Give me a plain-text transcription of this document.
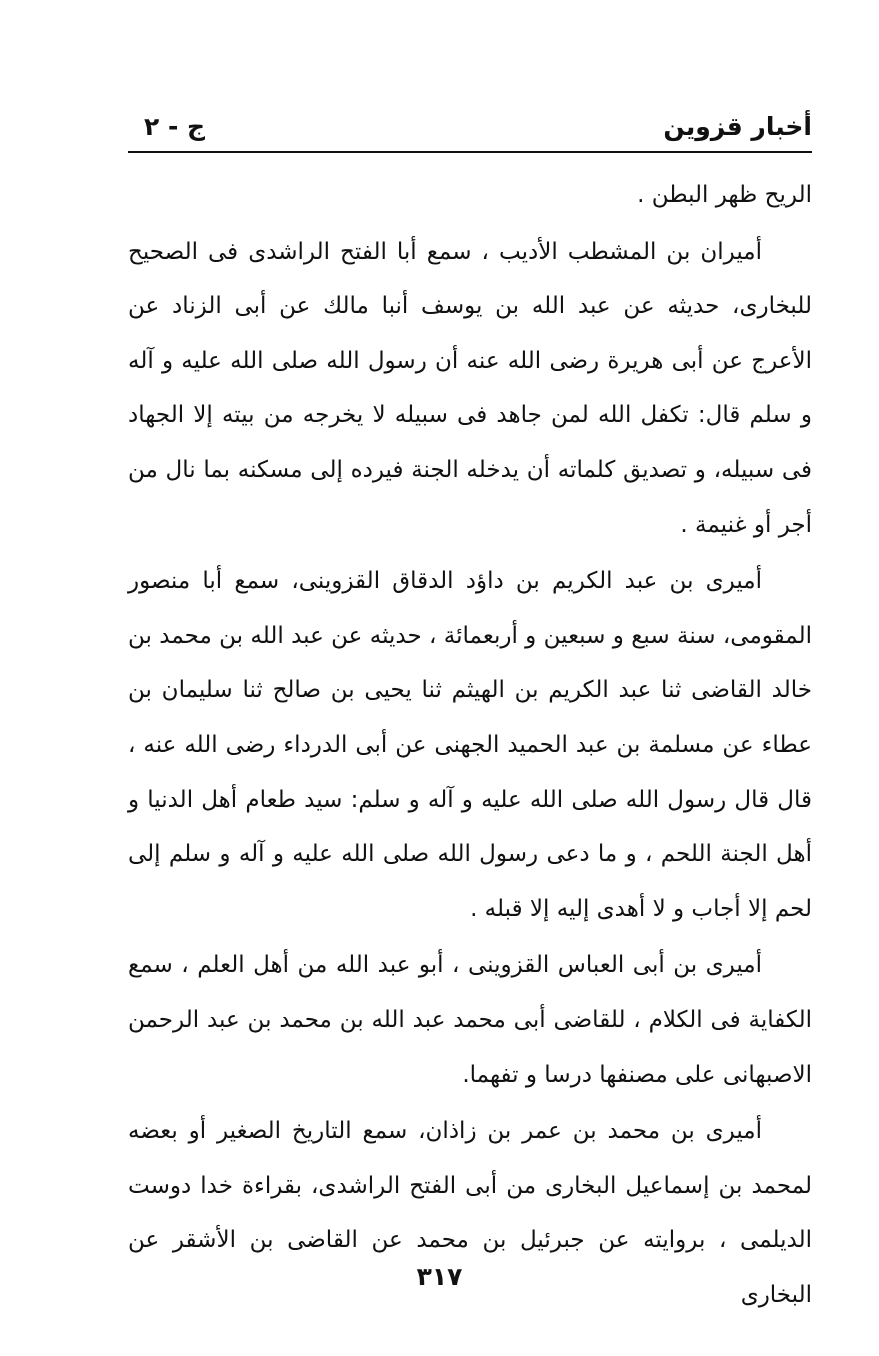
أخبار قزوين
ج - ٢

الريح ظهر البطن .

أميران بن المشطب الأديب ، سمع أبا الفتح الراشدى فى الصحيح للبخارى، حديثه عن عبد الله بن يوسف أنبا مالك عن أبى الزناد عن الأعرج عن أبى هريرة رضى الله عنه أن رسول الله صلى الله عليه و آله و سلم قال: تكفل الله لمن جاهد فى سبيله لا يخرجه من بيته إلا الجهاد فى سبيله، و تصديق كلماته أن يدخله الجنة فيرده إلى مسكنه بما نال من أجر أو غنيمة .

أميرى بن عبد الكريم بن داؤد الدقاق القزوينى، سمع أبا منصور المقومى، سنة سبع و سبعين و أربعمائة ، حديثه عن عبد الله بن محمد بن خالد القاضى ثنا عبد الكريم بن الهيثم ثنا يحيى بن صالح ثنا سليمان بن عطاء عن مسلمة بن عبد الحميد الجهنى عن أبى الدرداء رضى الله عنه ، قال قال رسول الله صلى الله عليه و آله و سلم: سيد طعام أهل الدنيا و أهل الجنة اللحم ، و ما دعى رسول الله صلى الله عليه و آله و سلم إلى لحم إلا أجاب و لا أهدى إليه إلا قبله .

أميرى بن أبى العباس القزوينى ، أبو عبد الله من أهل العلم ، سمع الكفاية فى الكلام ، للقاضى أبى محمد عبد الله بن محمد بن عبد الرحمن الاصبهانى على مصنفها درسا و تفهما.

أميرى بن محمد بن عمر بن زاذان، سمع التاريخ الصغير أو بعضه لمحمد بن إسماعيل البخارى من أبى الفتح الراشدى، بقراءة خدا دوست الديلمى ، بروايته عن جبرئيل بن محمد عن القاضى بن الأشقر عن البخارى

٣١٧
